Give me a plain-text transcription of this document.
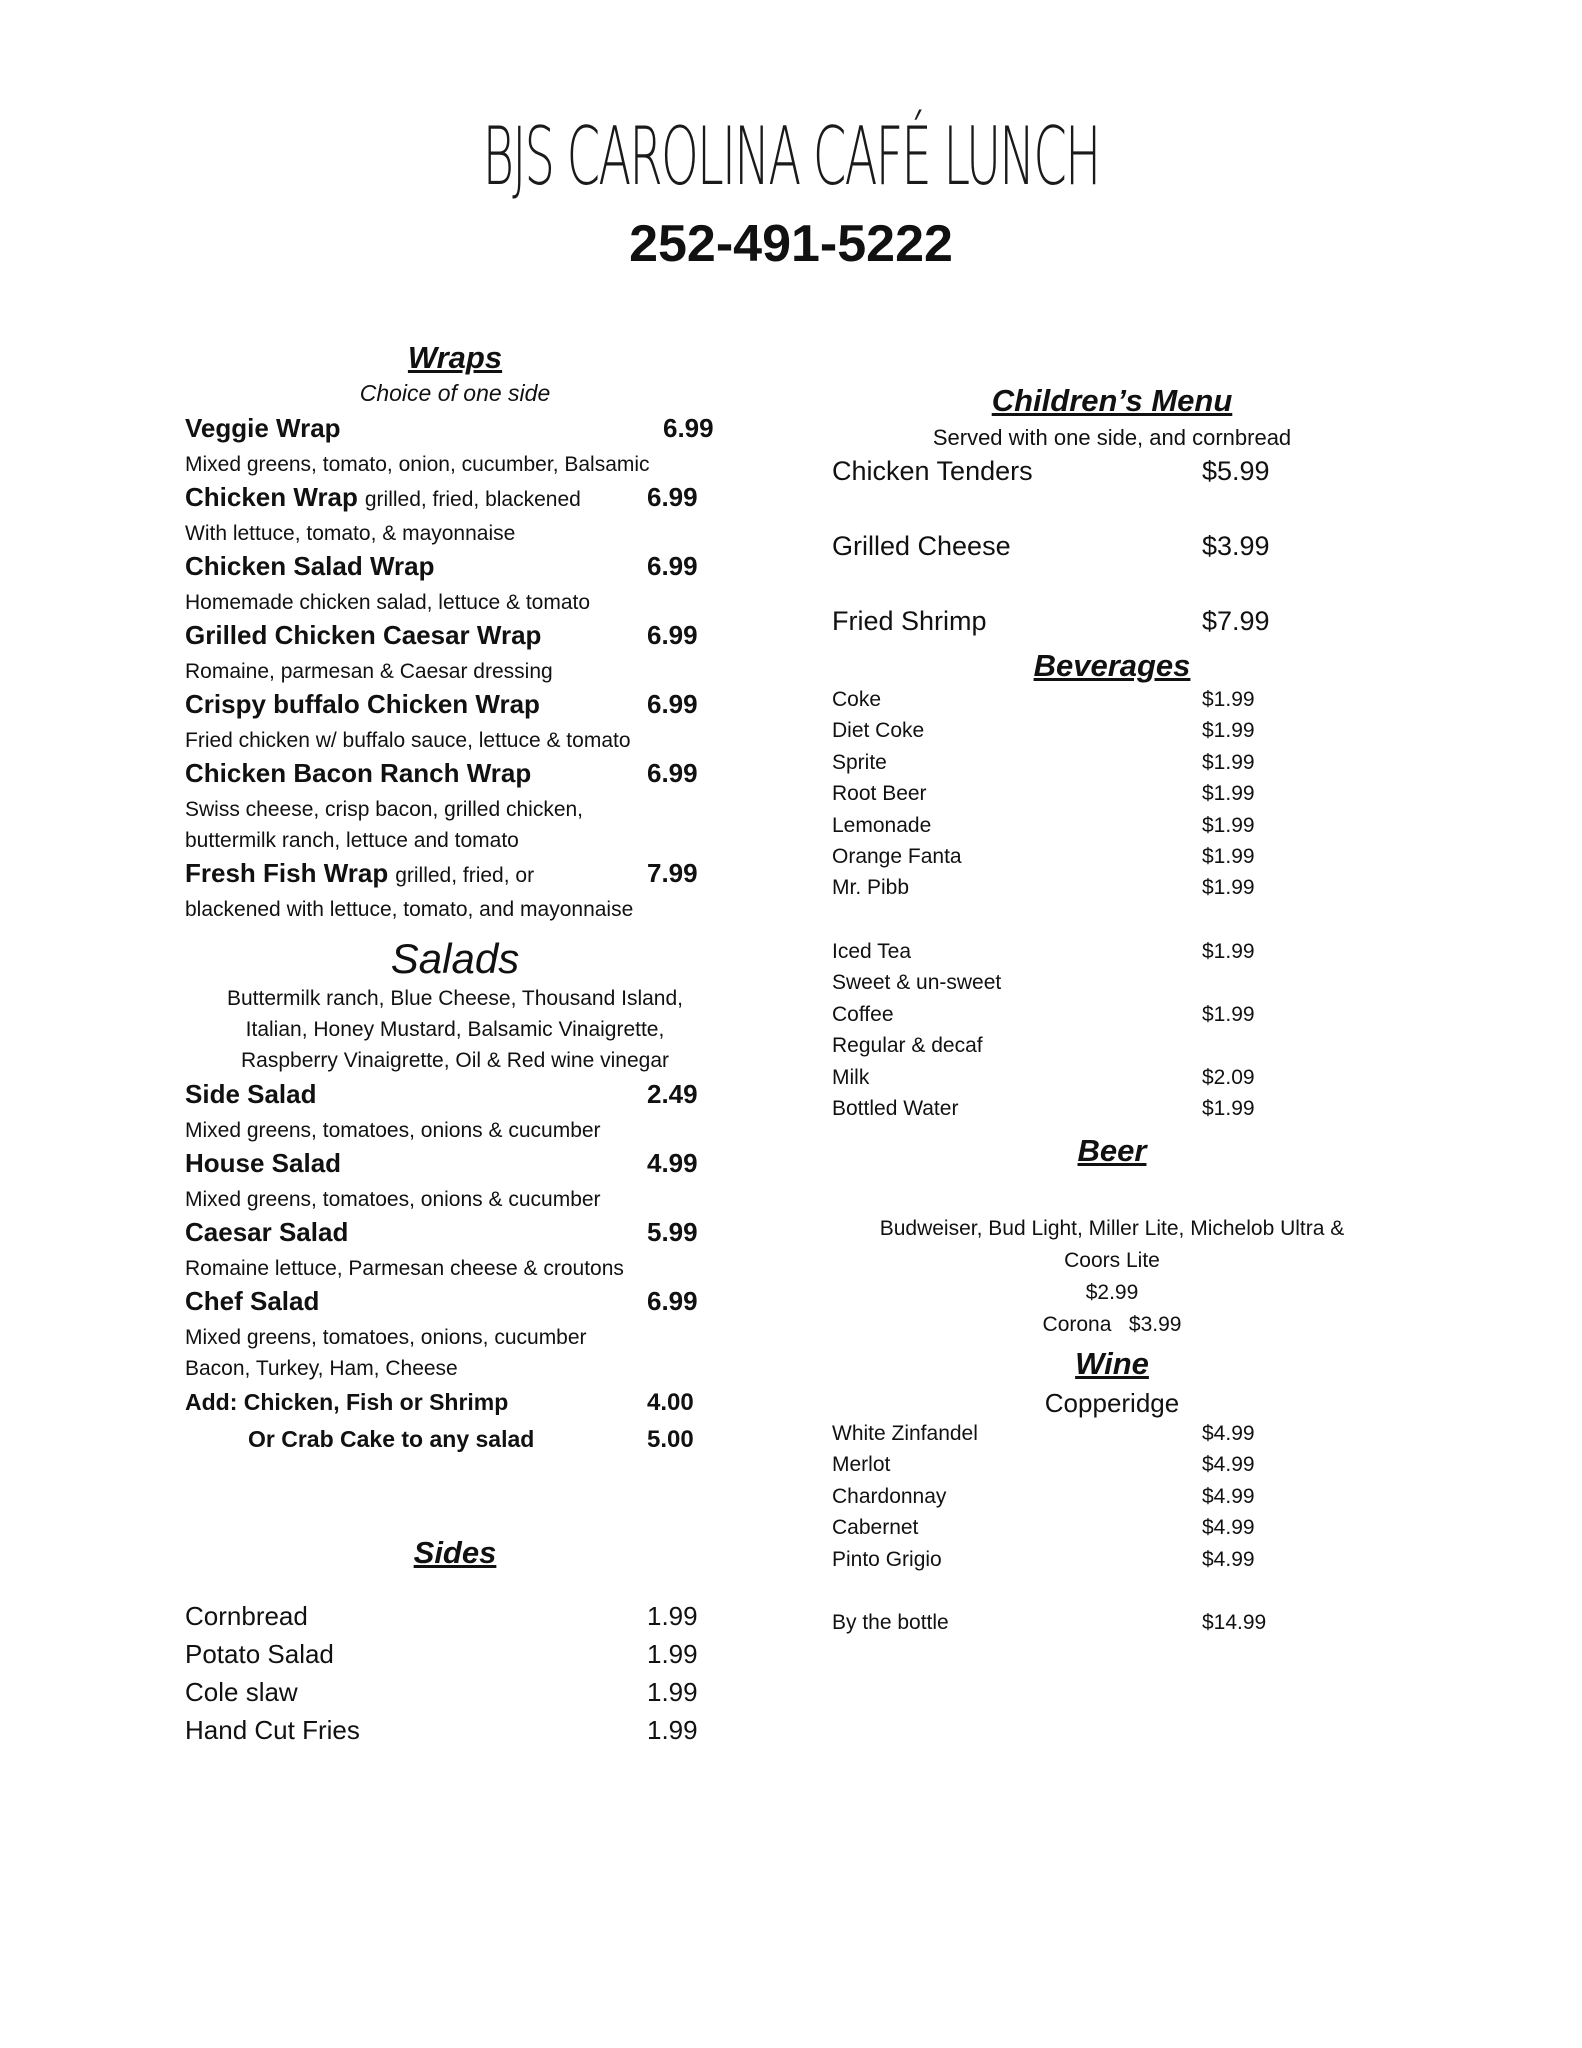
BJS CAROLINA CAFÉ LUNCH
252-491-5222
Wraps
Choice of one side
Veggie Wrap	6.99
Mixed greens, tomato, onion, cucumber, Balsamic
Chicken Wrap grilled, fried, blackened	6.99
With lettuce, tomato, & mayonnaise
Chicken Salad Wrap	6.99
Homemade chicken salad, lettuce & tomato
Grilled Chicken Caesar Wrap	6.99
Romaine, parmesan & Caesar dressing
Crispy buffalo Chicken Wrap	6.99
Fried chicken w/ buffalo sauce, lettuce & tomato
Chicken Bacon Ranch Wrap	6.99
Swiss cheese, crisp bacon, grilled chicken,
buttermilk ranch, lettuce and tomato
Fresh Fish Wrap grilled, fried, or	7.99
blackened with lettuce, tomato, and mayonnaise
Salads
Buttermilk ranch, Blue Cheese, Thousand Island,
Italian, Honey Mustard, Balsamic Vinaigrette,
Raspberry Vinaigrette, Oil & Red wine vinegar
Side Salad	2.49
Mixed greens, tomatoes, onions & cucumber
House Salad	4.99
Mixed greens, tomatoes, onions & cucumber
Caesar Salad	5.99
Romaine lettuce, Parmesan cheese & croutons
Chef Salad	6.99
Mixed greens, tomatoes, onions, cucumber
Bacon, Turkey, Ham, Cheese
Add: Chicken, Fish or Shrimp	4.00
Or Crab Cake to any salad	5.00
Sides
Cornbread	1.99
Potato Salad	1.99
Cole slaw	1.99
Hand Cut Fries	1.99
Children’s Menu
Served with one side, and cornbread
Chicken Tenders	$5.99
Grilled Cheese	$3.99
Fried Shrimp	$7.99
Beverages
Coke	$1.99
Diet Coke	$1.99
Sprite	$1.99
Root Beer	$1.99
Lemonade	$1.99
Orange Fanta	$1.99
Mr. Pibb	$1.99
Iced Tea	$1.99
Sweet & un-sweet
Coffee	$1.99
Regular & decaf
Milk	$2.09
Bottled Water	$1.99
Beer
Budweiser, Bud Light, Miller Lite, Michelob Ultra &
Coors Lite
$2.99
Corona   $3.99
Wine
Copperidge
White Zinfandel	$4.99
Merlot	$4.99
Chardonnay	$4.99
Cabernet	$4.99
Pinto Grigio	$4.99
By the bottle	$14.99
